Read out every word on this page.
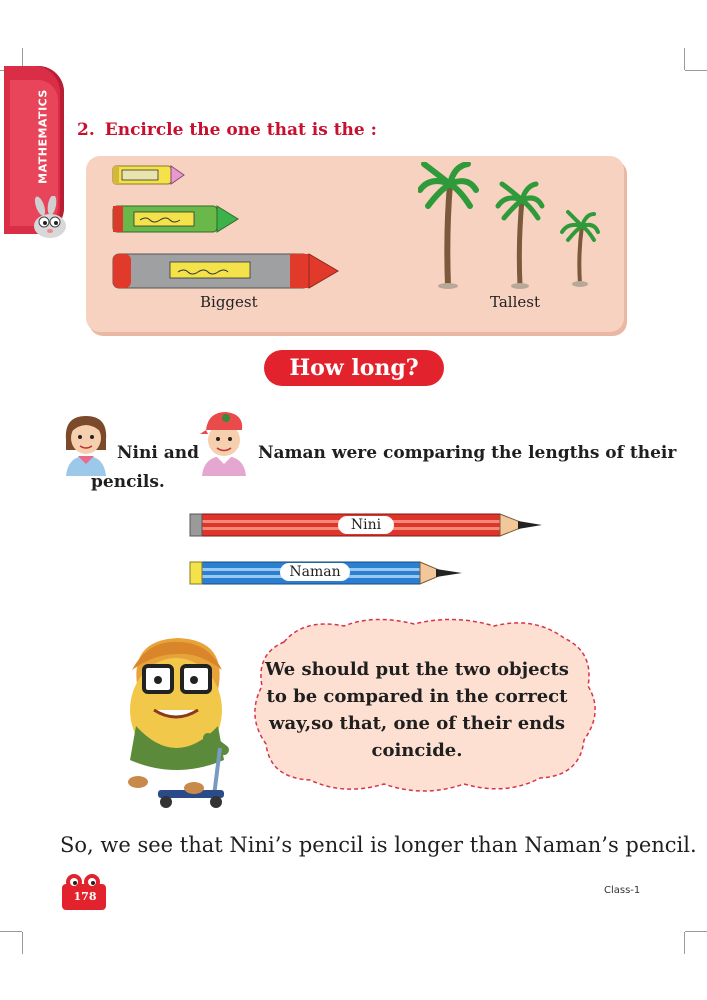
MATHEMATICS 2. Encircle the one that is the :
Biggest	Tallest
How long?
Nini and	Naman were comparing the lengths of their
pencils.
Nini
Naman
We should put the two objects to be compared in the correct way,so that, one of their ends coincide.
So, we see that Nini’s pencil is longer than Naman’s pencil.
178	Class-1
